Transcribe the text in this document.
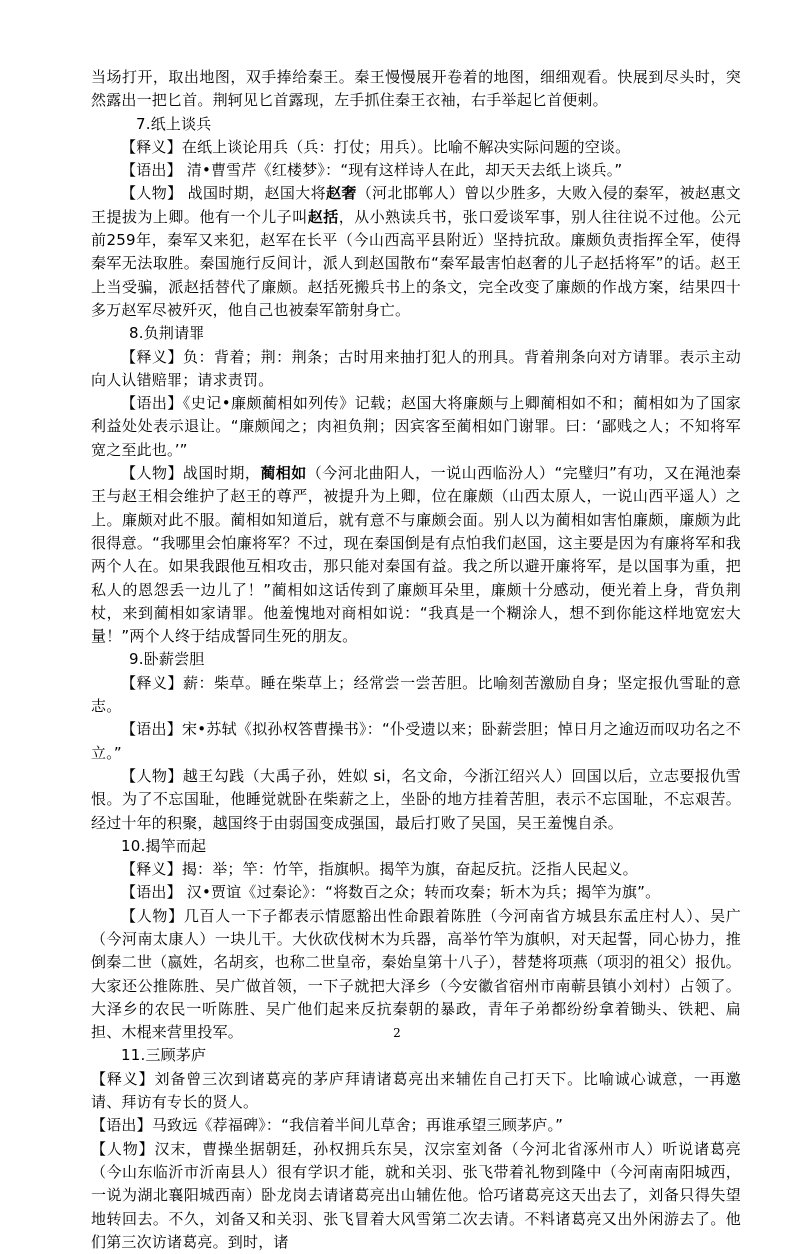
当场打开，取出地图，双手捧给秦王。秦王慢慢展开卷着的地图，细细观看。快展到尽头时，突然露出一把匕首。荆轲见匕首露现，左手抓住秦王衣袖，右手举起匕首便刺。

7.纸上谈兵

【释义】在纸上谈论用兵（兵：打仗；用兵）。比喻不解决实际问题的空谈。

【语出】 清•曹雪芹《红楼梦》：“现有这样诗人在此，却天天去纸上谈兵。”

【人物】 战国时期，赵国大将赵奢（河北邯郸人）曾以少胜多，大败入侵的秦军，被赵惠文王提拔为上卿。他有一个儿子叫赵括，从小熟读兵书，张口爱谈军事，别人往往说不过他。公元前259年，秦军又来犯，赵军在长平（今山西高平县附近）坚持抗敌。廉颇负责指挥全军，使得秦军无法取胜。秦国施行反间计，派人到赵国散布“秦军最害怕赵奢的儿子赵括将军”的话。赵王上当受骗，派赵括替代了廉颇。赵括死搬兵书上的条文，完全改变了廉颇的作战方案，结果四十多万赵军尽被歼灭，他自己也被秦军箭射身亡。

8.负荆请罪

【释义】负：背着；荆：荆条；古时用来抽打犯人的刑具。背着荆条向对方请罪。表示主动向人认错赔罪；请求责罚。

【语出】《史记•廉颇蔺相如列传》记载；赵国大将廉颇与上卿蔺相如不和；蔺相如为了国家利益处处表示退让。“廉颇闻之；肉袒负荆；因宾客至蔺相如门谢罪。曰：‘鄙贱之人；不知将军宽之至此也。’”

【人物】战国时期，蔺相如（今河北曲阳人，一说山西临汾人）“完璧归”有功，又在渑池秦王与赵王相会维护了赵王的尊严，被提升为上卿，位在廉颇（山西太原人，一说山西平遥人）之上。廉颇对此不服。蔺相如知道后，就有意不与廉颇会面。别人以为蔺相如害怕廉颇，廉颇为此很得意。“我哪里会怕廉将军？不过，现在秦国倒是有点怕我们赵国，这主要是因为有廉将军和我两个人在。如果我跟他互相攻击，那只能对秦国有益。我之所以避开廉将军，是以国事为重，把私人的恩怨丢一边儿了！”蔺相如这话传到了廉颇耳朵里，廉颇十分感动，便光着上身，背负荆杖，来到蔺相如家请罪。他羞愧地对商相如说：“我真是一个糊涂人，想不到你能这样地宽宏大量！”两个人终于结成誓同生死的朋友。

9.卧薪尝胆

【释义】薪：柴草。睡在柴草上；经常尝一尝苦胆。比喻刻苦激励自身；坚定报仇雪耻的意志。

【语出】宋•苏轼《拟孙权答曹操书》：“仆受遗以来；卧薪尝胆；悼日月之逾迈而叹功名之不立。”

【人物】越王勾践（大禹子孙，姓姒 si，名文命，今浙江绍兴人）回国以后，立志要报仇雪恨。为了不忘国耻，他睡觉就卧在柴薪之上，坐卧的地方挂着苦胆，表示不忘国耻，不忘艰苦。经过十年的积聚，越国终于由弱国变成强国，最后打败了吴国，吴王羞愧自杀。

10.揭竿而起

【释义】揭：举；竿：竹竿，指旗帜。揭竿为旗，奋起反抗。泛指人民起义。

【语出】 汉•贾谊《过秦论》：“将数百之众；转而攻秦；斩木为兵；揭竿为旗”。

【人物】几百人一下子都表示情愿豁出性命跟着陈胜（今河南省方城县东孟庄村人）、吴广（今河南太康人）一块儿干。大伙砍伐树木为兵器，高举竹竿为旗帜，对天起誓，同心协力，推倒秦二世（嬴姓，名胡亥，也称二世皇帝，秦始皇第十八子），替楚将项燕（项羽的祖父）报仇。大家还公推陈胜、吴广做首领，一下子就把大泽乡（今安徽省宿州市南蕲县镇小刘村）占领了。大泽乡的农民一听陈胜、吴广他们起来反抗秦朝的暴政，青年子弟都纷纷拿着锄头、铁耙、扁担、木棍来营里投军。

11.三顾茅庐

【释义】刘备曾三次到诸葛亮的茅庐拜请诸葛亮出来辅佐自己打天下。比喻诚心诚意，一再邀请、拜访有专长的贤人。

【语出】马致远《荐福碑》：“我信着半间儿草舍；再谁承望三顾茅庐。”

【人物】汉末，曹操坐据朝廷，孙权拥兵东吴，汉宗室刘备（今河北省涿州市人）听说诸葛亮（今山东临沂市沂南县人）很有学识才能，就和关羽、张飞带着礼物到隆中（今河南南阳城西，一说为湖北襄阳城西南）卧龙岗去请诸葛亮出山辅佐他。恰巧诸葛亮这天出去了，刘备只得失望地转回去。不久，刘备又和关羽、张飞冒着大风雪第二次去请。不料诸葛亮又出外闲游去了。他们第三次访诸葛亮。到时，诸

2
